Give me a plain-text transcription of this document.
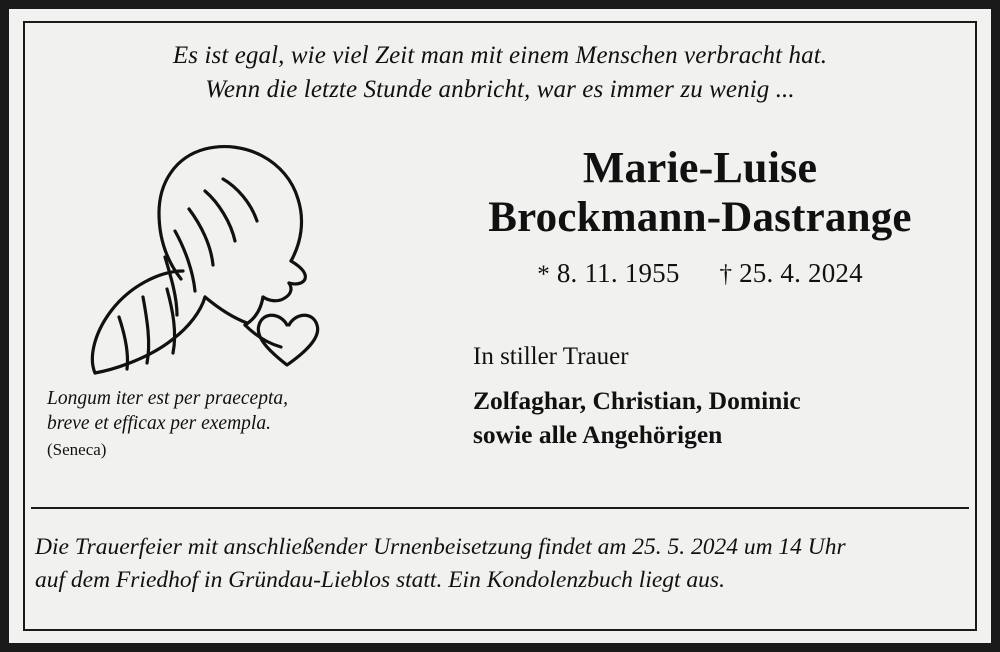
Es ist egal, wie viel Zeit man mit einem Menschen verbracht hat.
Wenn die letzte Stunde anbricht, war es immer zu wenig ...
Longum iter est per praecepta,
breve et efficax per exempla.
(Seneca)
Marie-Luise
Brockmann-Dastrange
* 8. 11. 1955 † 25. 4. 2024
In stiller Trauer
Zolfaghar, Christian, Dominic
sowie alle Angehörigen
Die Trauerfeier mit anschließender Urnenbeisetzung findet am 25. 5. 2024 um 14 Uhr
auf dem Friedhof in Gründau-Lieblos statt. Ein Kondolenzbuch liegt aus.
